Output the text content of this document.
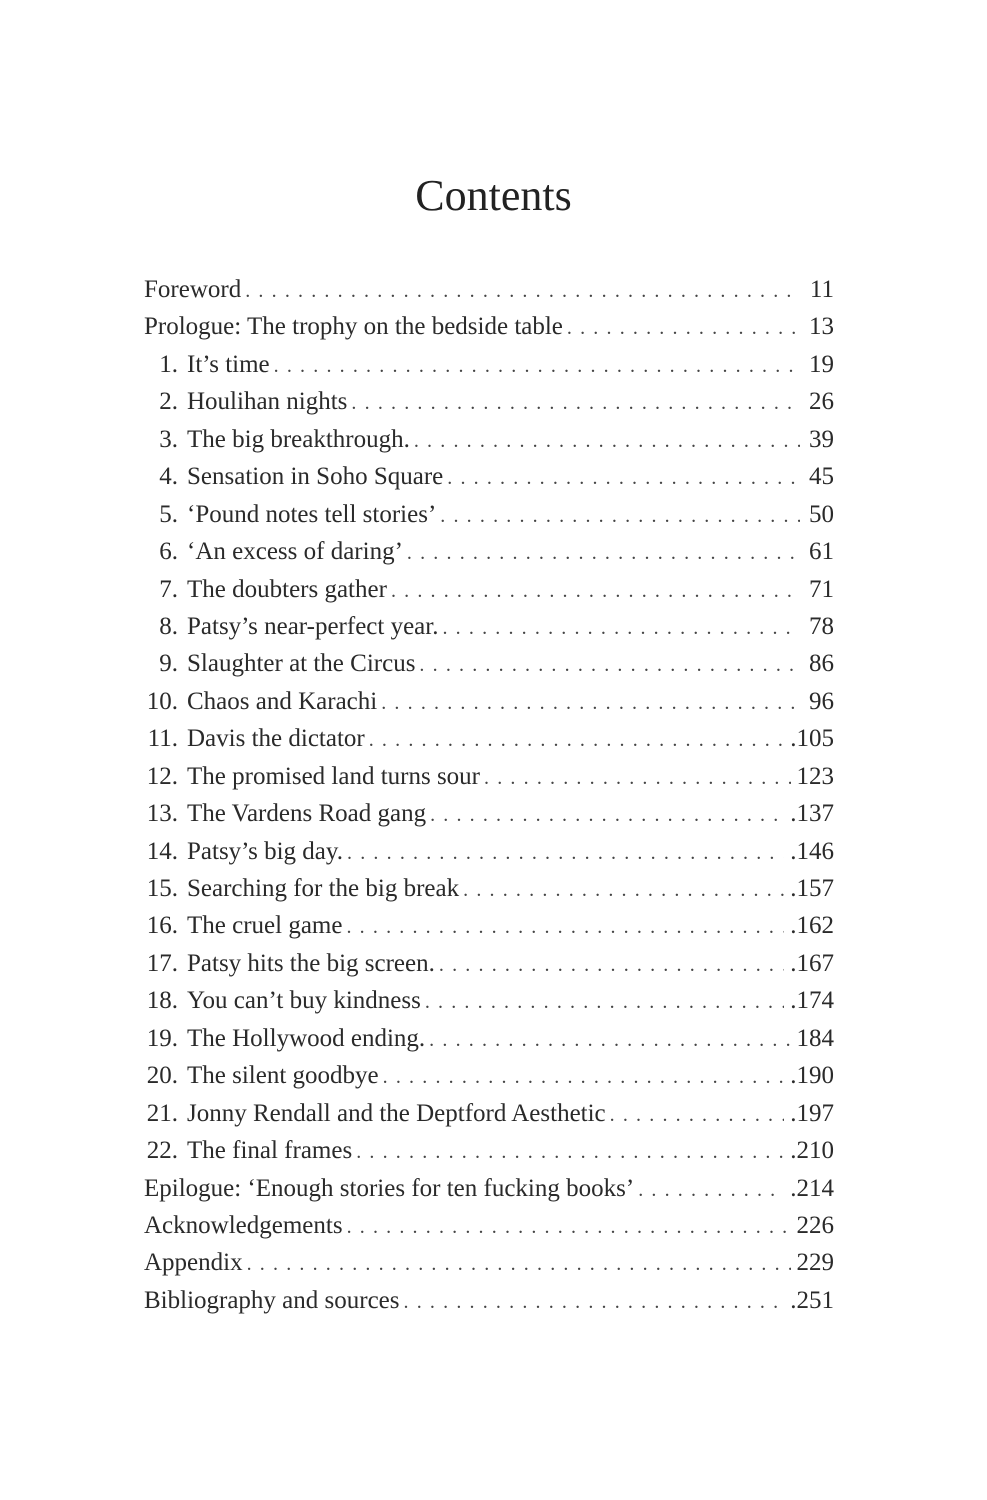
Contents
Foreword . . .	11
Prologue: The trophy on the bedside table . . .	13
1. It’s time . . .	19
2. Houlihan nights . . .	26
3. The big breakthrough. . . .	39
4. Sensation in Soho Square . . .	45
5. ‘Pound notes tell stories’ . . .	50
6. ‘An excess of daring’ . . .	61
7. The doubters gather . . .	71
8. Patsy’s near-perfect year. . . .	78
9. Slaughter at the Circus . . .	86
10. Chaos and Karachi . . .	96
11. Davis the dictator . . .	.105
12. The promised land turns sour . . .	123
13. The Vardens Road gang . . .	.137
14. Patsy’s big day. . . .	.146
15. Searching for the big break . . .	.157
16. The cruel game . . .	.162
17. Patsy hits the big screen. . . .	.167
18. You can’t buy kindness . . .	.174
19. The Hollywood ending. . . .	184
20. The silent goodbye . . .	.190
21. Jonny Rendall and the Deptford Aesthetic . . .	.197
22. The final frames . . .	.210
Epilogue: ‘Enough stories for ten fucking books’ . . .	.214
Acknowledgements . . .	226
Appendix . . .	229
Bibliography and sources . . .	.251
